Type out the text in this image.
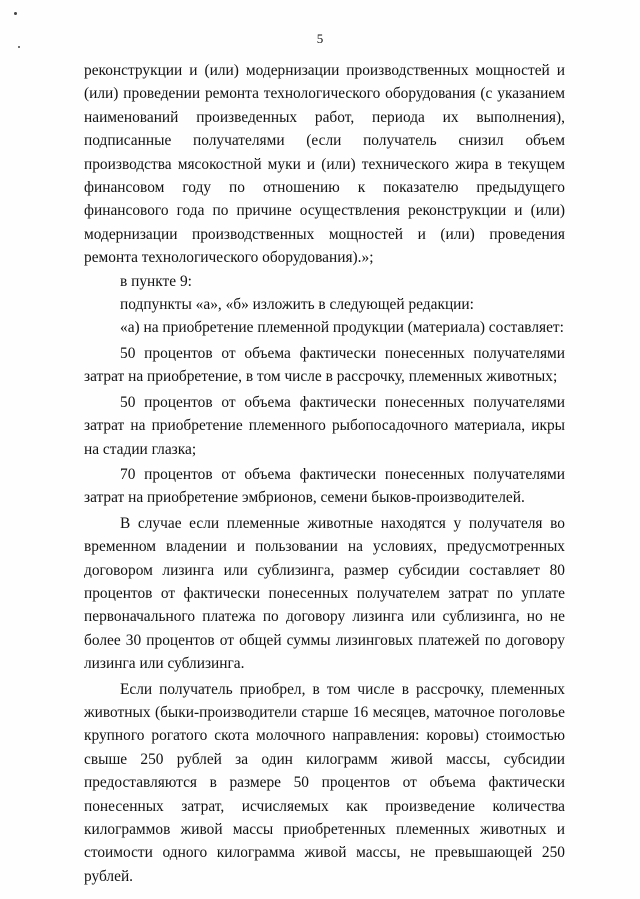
5

реконструкции и (или) модернизации производственных мощностей и (или) проведении ремонта технологического оборудования (с указанием наименований произведенных работ, периода их выполнения), подписанные получателями (если получатель снизил объем производства мясокостной муки и (или) технического жира в текущем финансовом году по отношению к показателю предыдущего финансового года по причине осуществления реконструкции и (или) модернизации производственных мощностей и (или) проведения ремонта технологического оборудования).»;

в пункте 9:

подпункты «а», «б» изложить в следующей редакции:

«а) на приобретение племенной продукции (материала) составляет:

50 процентов от объема фактически понесенных получателями затрат на приобретение, в том числе в рассрочку, племенных животных;

50 процентов от объема фактически понесенных получателями затрат на приобретение племенного рыбопосадочного материала, икры на стадии глазка;

70 процентов от объема фактически понесенных получателями затрат на приобретение эмбрионов, семени быков-производителей.

В случае если племенные животные находятся у получателя во временном владении и пользовании на условиях, предусмотренных договором лизинга или сублизинга, размер субсидии составляет 80 процентов от фактически понесенных получателем затрат по уплате первоначального платежа по договору лизинга или сублизинга, но не более 30 процентов от общей суммы лизинговых платежей по договору лизинга или сублизинга.

Если получатель приобрел, в том числе в рассрочку, племенных животных (быки-производители старше 16 месяцев, маточное поголовье крупного рогатого скота молочного направления: коровы) стоимостью свыше 250 рублей за один килограмм живой массы, субсидии предоставляются в размере 50 процентов от объема фактически понесенных затрат, исчисляемых как произведение количества килограммов живой массы приобретенных племенных животных и стоимости одного килограмма живой массы, не превышающей 250 рублей.
